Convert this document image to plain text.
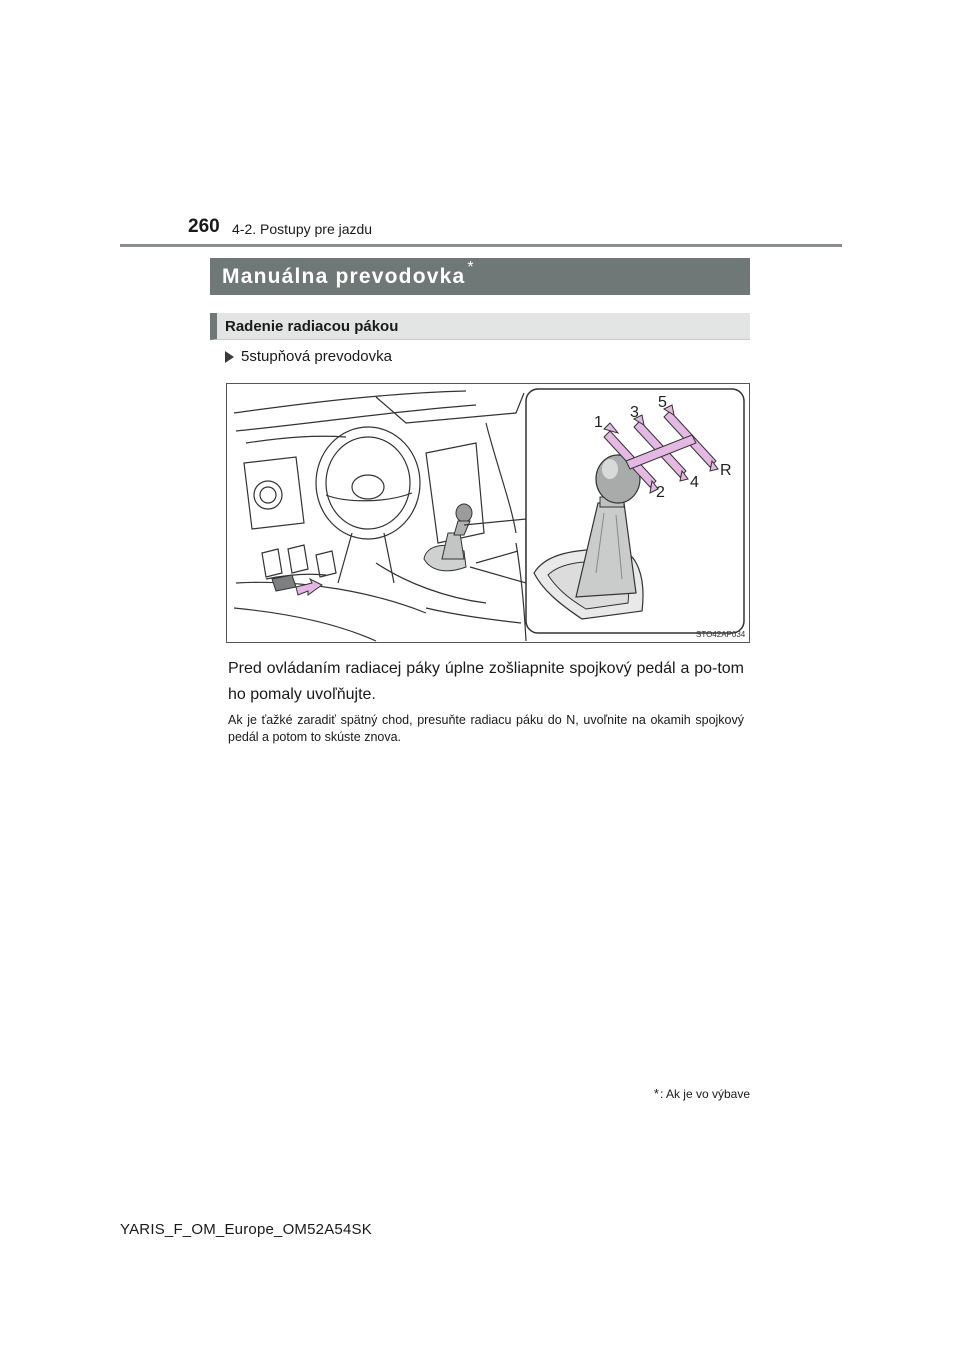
260 4-2. Postupy pre jazdu
Manuálna prevodovka *
Radenie radiacou pákou
5stupňová prevodovka
1
2
3
4
5
R
STO42AP034
Pred ovládaním radiacej páky úplne zošliapnite spojkový pedál a po-tom ho pomaly uvoľňujte.
Ak je ťažké zaradiť spätný chod, presuňte radiacu páku do N, uvoľnite na okamih spojkový pedál a potom to skúste znova.
* : Ak je vo výbave
YARIS_F_OM_Europe_OM52A54SK
